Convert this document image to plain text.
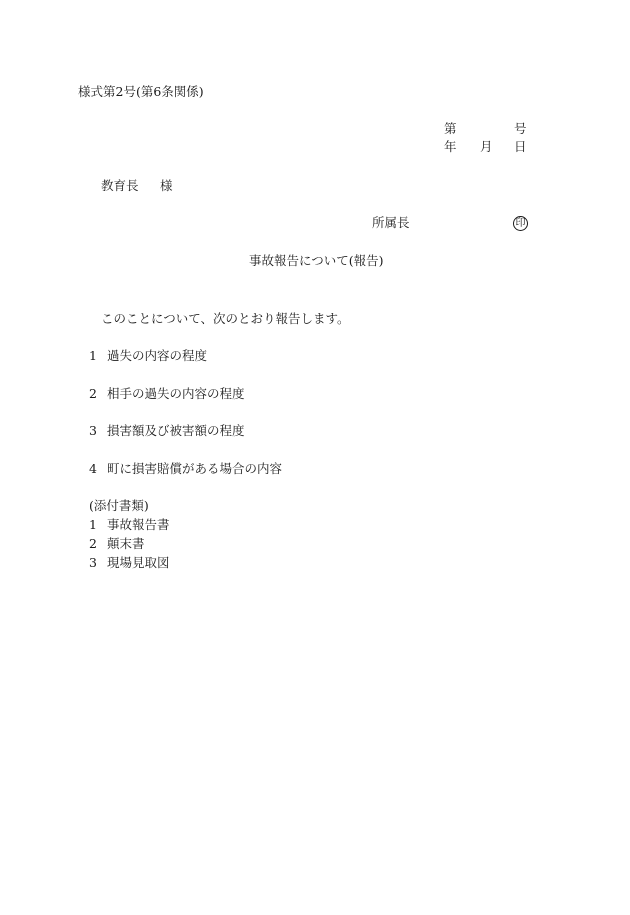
様式第2号(第6条関係)
第	号
年 月 日
教育長 様
所属長	印
事故報告について(報告)
このことについて、次のとおり報告します。
1 過失の内容の程度
2 相手の過失の内容の程度
3 損害額及び被害額の程度
4 町に損害賠償がある場合の内容
(添付書類)
1 事故報告書
2 顛末書
3 現場見取図
